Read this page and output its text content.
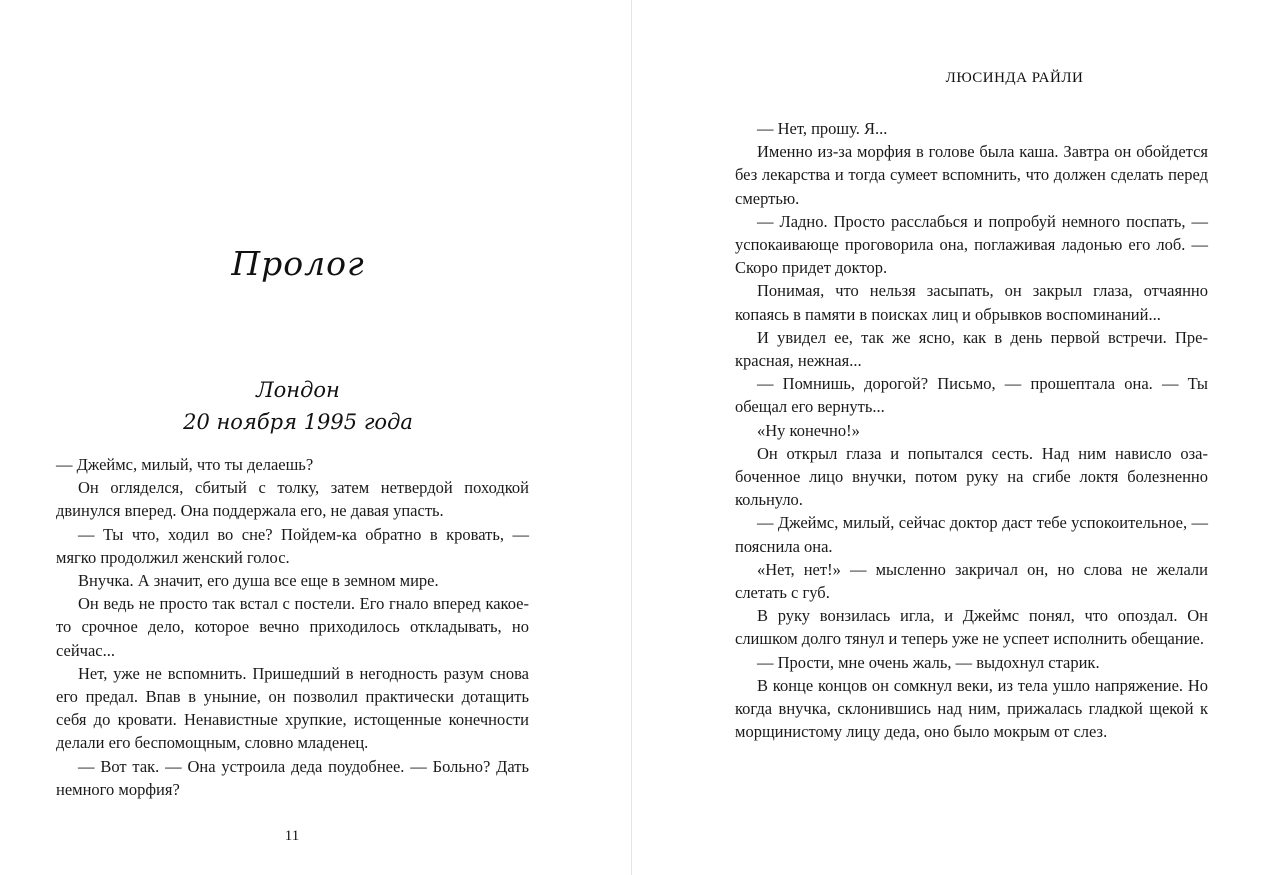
Пролог
Лондон
20 ноября 1995 года

— Джеймс, милый, что ты делаешь?

Он огляделся, сбитый с толку, затем нетвердой походкой двинулся вперед. Она поддержала его, не давая упасть.

— Ты что, ходил во сне? Пойдем-ка обратно в кровать, — мягко продолжил женский голос.

Внучка. А значит, его душа все еще в земном мире.

Он ведь не просто так встал с постели. Его гнало вперед какое-то срочное дело, которое вечно приходилось откладывать, но сейчас...

Нет, уже не вспомнить. Пришедший в негодность разум снова его предал. Впав в уныние, он позволил практически дотащить себя до кровати. Ненавистные хрупкие, истощенные конечности делали его беспомощным, словно младенец.

— Вот так. — Она устроила деда поудобнее. — Больно? Дать немного морфия?

11
ЛЮСИНДА РАЙЛИ

— Нет, прошу. Я...

Именно из-за морфия в голове была каша. Завтра он обойдется без лекарства и тогда сумеет вспомнить, что должен сделать перед смертью.

— Ладно. Просто расслабься и попробуй немного поспать, — успокаивающе проговорила она, поглаживая ладонью его лоб. — Скоро придет доктор.

Понимая, что нельзя засыпать, он закрыл глаза, отчаянно копаясь в памяти в поисках лиц и обрывков воспоминаний...

И увидел ее, так же ясно, как в день первой встречи. Прекрасная, нежная...

— Помнишь, дорогой? Письмо, — прошептала она. — Ты обещал его вернуть...

«Ну конечно!»

Он открыл глаза и попытался сесть. Над ним нависло озабоченное лицо внучки, потом руку на сгибе локтя болезненно кольнуло.

— Джеймс, милый, сейчас доктор даст тебе успокоительное, — пояснила она.

«Нет, нет!» — мысленно закричал он, но слова не желали слетать с губ.

В руку вонзилась игла, и Джеймс понял, что опоздал. Он слишком долго тянул и теперь уже не успеет исполнить обещание.

— Прости, мне очень жаль, — выдохнул старик.

В конце концов он сомкнул веки, из тела ушло напряжение. Но когда внучка, склонившись над ним, прижалась гладкой щекой к морщинистому лицу деда, оно было мокрым от слез.
